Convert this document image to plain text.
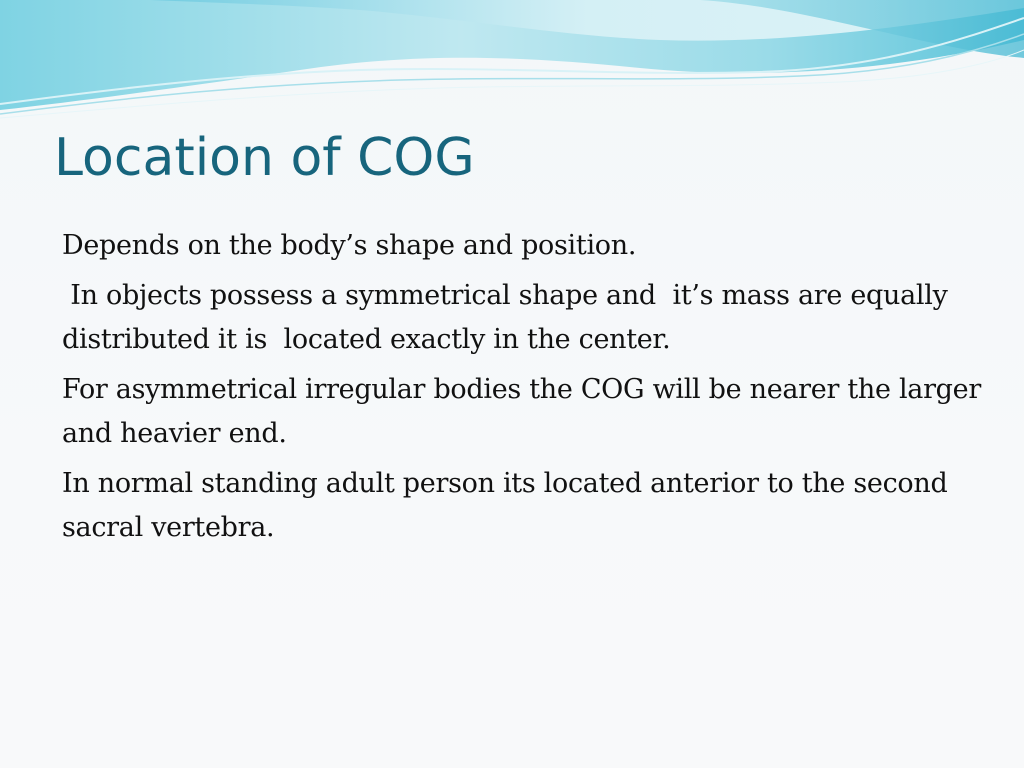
Location of COG

Depends on the body’s shape and position.

In objects possess a symmetrical shape and  it’s mass are equally distributed it is  located exactly in the center.

For asymmetrical irregular bodies the COG will be nearer the larger and heavier end.

In normal standing adult person its located anterior to the second sacral vertebra.
